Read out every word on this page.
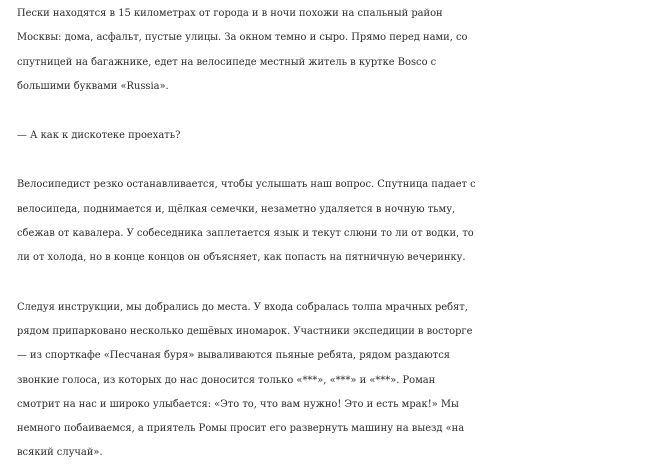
Пески находятся в 15 километрах от города и в ночи похожи на спальный район
Москвы: дома, асфальт, пустые улицы. За окном темно и сыро. Прямо перед нами, со
спутницей на багажнике, едет на велосипеде местный житель в куртке Bosco с
большими буквами «Russia».

— А как к дискотеке проехать?

Велосипедист резко останавливается, чтобы услышать наш вопрос. Спутница падает с
велосипеда, поднимается и, щёлкая семечки, незаметно удаляется в ночную тьму,
сбежав от кавалера. У собеседника заплетается язык и текут слюни то ли от водки, то
ли от холода, но в конце концов он объясняет, как попасть на пятничную вечеринку.

Следуя инструкции, мы добрались до места. У входа собралась толпа мрачных ребят,
рядом припарковано несколько дешёвых иномарок. Участники экспедиции в восторге
— из спорткафе «Песчаная буря» вываливаются пьяные ребята, рядом раздаются
звонкие голоса, из которых до нас доносится только «***», «***» и «***». Роман
смотрит на нас и широко улыбается: «Это то, что вам нужно! Это и есть мрак!» Мы
немного побаиваемся, а приятель Ромы просит его развернуть машину на выезд «на
всякий случай».
